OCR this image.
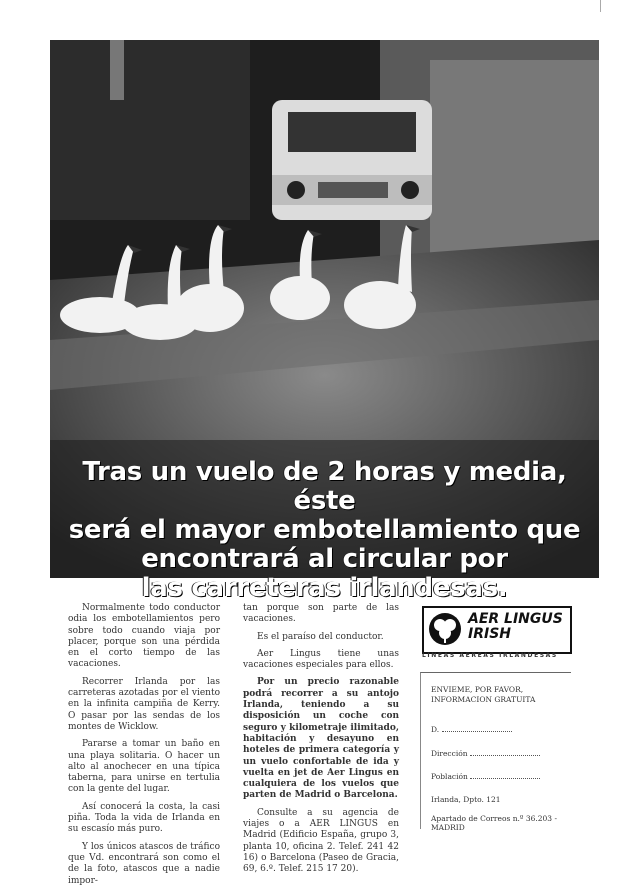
Tras un vuelo de 2 horas y media, éste
será el mayor embotellamiento que
encontrará al circular por
las carreteras irlandesas.

Normalmente todo conductor odia los embotellamientos pero sobre todo cuando viaja por placer, porque son una pérdida en el corto tiempo de las vacaciones.

Recorrer Irlanda por las carreteras azotadas por el viento en la infinita campiña de Kerry. O pasar por las sendas de los montes de Wicklow.

Pararse a tomar un baño en una playa solitaria. O hacer un alto al anochecer en una típica taberna, para unirse en tertulia con la gente del lugar.

Así conocerá la costa, la casi piña. Toda la vida de Irlanda en su escasío más puro.

Y los únicos atascos de tráfico que Vd. encontrará son como el de la foto, atascos que a nadie impor-

tan porque son parte de las vacaciones.

Es el paraíso del conductor.

Aer Lingus tiene unas vacaciones especiales para ellos.

Por un precio razonable podrá recorrer a su antojo Irlanda, teniendo a su disposición un coche con seguro y kilometraje ilimitado, habitación y desayuno en hoteles de primera categoría y un vuelo confortable de ida y vuelta en jet de Aer Lingus en cualquiera de los vuelos que parten de Madrid o Barcelona.

Consulte a su agencia de viajes o a AER LINGUS en Madrid (Edificio España, grupo 3, planta 10, oficina 2. Telef. 241 42 16) o Barcelona (Paseo de Gracia, 69, 6.º. Telef. 215 17 20).

AER LINGUS
IRISH
LINEAS AEREAS IRLANDESAS
ENVIEME, POR FAVOR,
INFORMACION GRATUITA
D.
Dirección
Población
Irlanda, Dpto. 121
Apartado de Correos n.º 36.203 - MADRID
